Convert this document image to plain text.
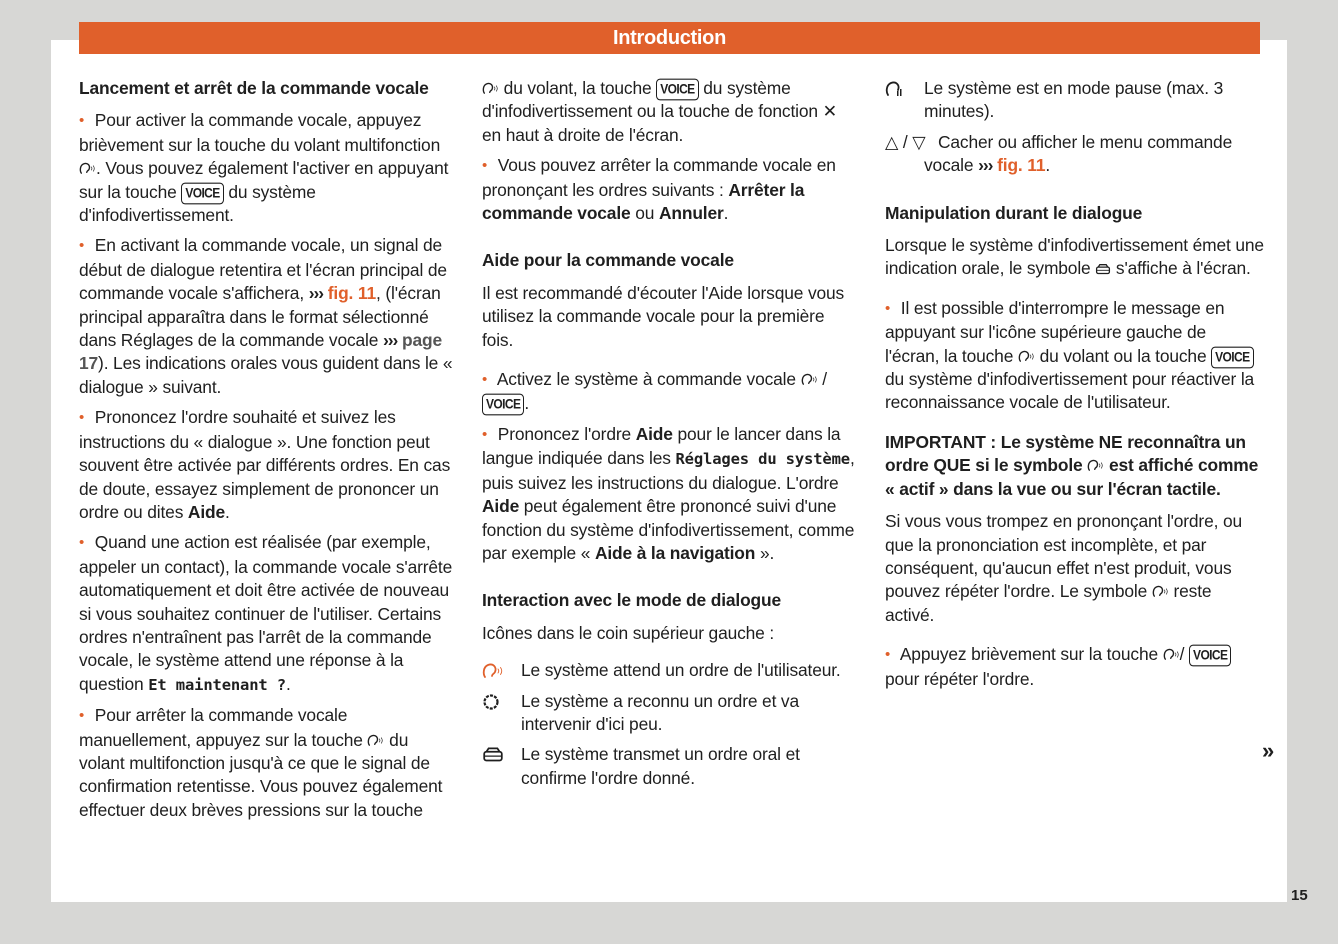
Introduction
Lancement et arrêt de la commande vocale

• Pour activer la commande vocale, appuyez brièvement sur la touche du volant multifonction . Vous pouvez également l'activer en appuyant sur la touche VOICE du système d'infodivertissement.

• En activant la commande vocale, un signal de début de dialogue retentira et l'écran principal de commande vocale s'affichera, ››› fig. 11, (l'écran principal apparaîtra dans le format sélectionné dans Réglages de la commande vocale ››› page 17). Les indications orales vous guident dans le « dialogue » suivant.

• Prononcez l'ordre souhaité et suivez les instructions du « dialogue ». Une fonction peut souvent être activée par différents ordres. En cas de doute, essayez simplement de prononcer un ordre ou dites Aide.

• Quand une action est réalisée (par exemple, appeler un contact), la commande vocale s'arrête automatiquement et doit être activée de nouveau si vous souhaitez continuer de l'utiliser. Certains ordres n'entraînent pas l'arrêt de la commande vocale, le système attend une réponse à la question Et maintenant ?.

• Pour arrêter la commande vocale manuellement, appuyez sur la touche  du volant multifonction jusqu'à ce que le signal de confirmation retentisse. Vous pouvez également effectuer deux brèves pressions sur la touche

du volant, la touche VOICE du système d'infodivertissement ou la touche de fonction ✕ en haut à droite de l'écran.

• Vous pouvez arrêter la commande vocale en prononçant les ordres suivants : Arrêter la commande vocale ou Annuler.

Aide pour la commande vocale

Il est recommandé d'écouter l'Aide lorsque vous utilisez la commande vocale pour la première fois.

• Activez le système à commande vocale  / VOICE .

• Prononcez l'ordre Aide pour le lancer dans la langue indiquée dans les Réglages du système, puis suivez les instructions du dialogue. L'ordre Aide peut également être prononcé suivi d'une fonction du système d'infodivertissement, comme par exemple « Aide à la navigation ».

Interaction avec le mode de dialogue

Icônes dans le coin supérieur gauche :

Le système attend un ordre de l'utilisateur.
Le système a reconnu un ordre et va intervenir d'ici peu.
Le système transmet un ordre oral et confirme l'ordre donné.
Le système est en mode pause (max. 3 minutes).
△ / ▽ Cacher ou afficher le menu commande vocale ››› fig. 11.
Manipulation durant le dialogue

Lorsque le système d'infodivertissement émet une indication orale, le symbole  s'affiche à l'écran.

• Il est possible d'interrompre le message en appuyant sur l'icône supérieure gauche de l'écran, la touche  du volant ou la touche VOICE du système d'infodivertissement pour réactiver la reconnaissance vocale de l'utilisateur.

IMPORTANT : Le système NE reconnaîtra un ordre QUE si le symbole  est affiché comme « actif » dans la vue ou sur l'écran tactile.

Si vous vous trompez en prononçant l'ordre, ou que la prononciation est incomplète, et par conséquent, qu'aucun effet n'est produit, vous pouvez répéter l'ordre. Le symbole  reste activé.

• Appuyez brièvement sur la touche / VOICE pour répéter l'ordre.

»
15
